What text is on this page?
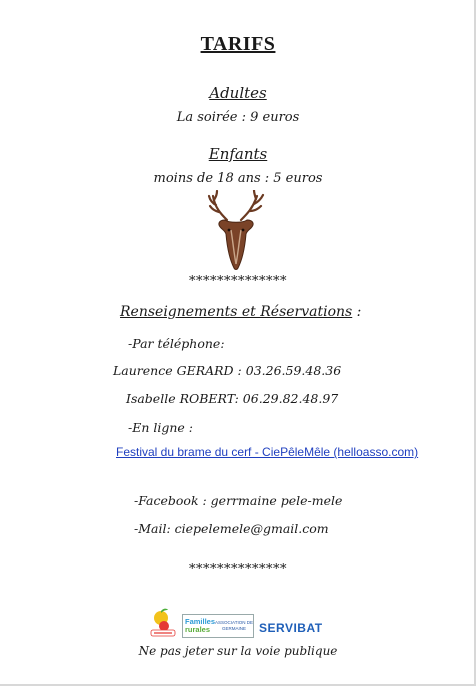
TARIFS
Adultes
La soirée : 9 euros
Enfants
moins de 18 ans : 5 euros
**************
Renseignements et Réservations :
-Par téléphone:
Laurence GERARD : 03.26.59.48.36
Isabelle ROBERT: 06.29.82.48.97
-En ligne :
Festival du brame du cerf - CiePêleMêle (helloasso.com)
-Facebook : gerrmaine pele-mele
-Mail: ciepelemele@gmail.com
**************
Familles
rurales
ASSOCIATION DE GERMAINE	SERVIBAT
Ne pas jeter sur la voie publique
